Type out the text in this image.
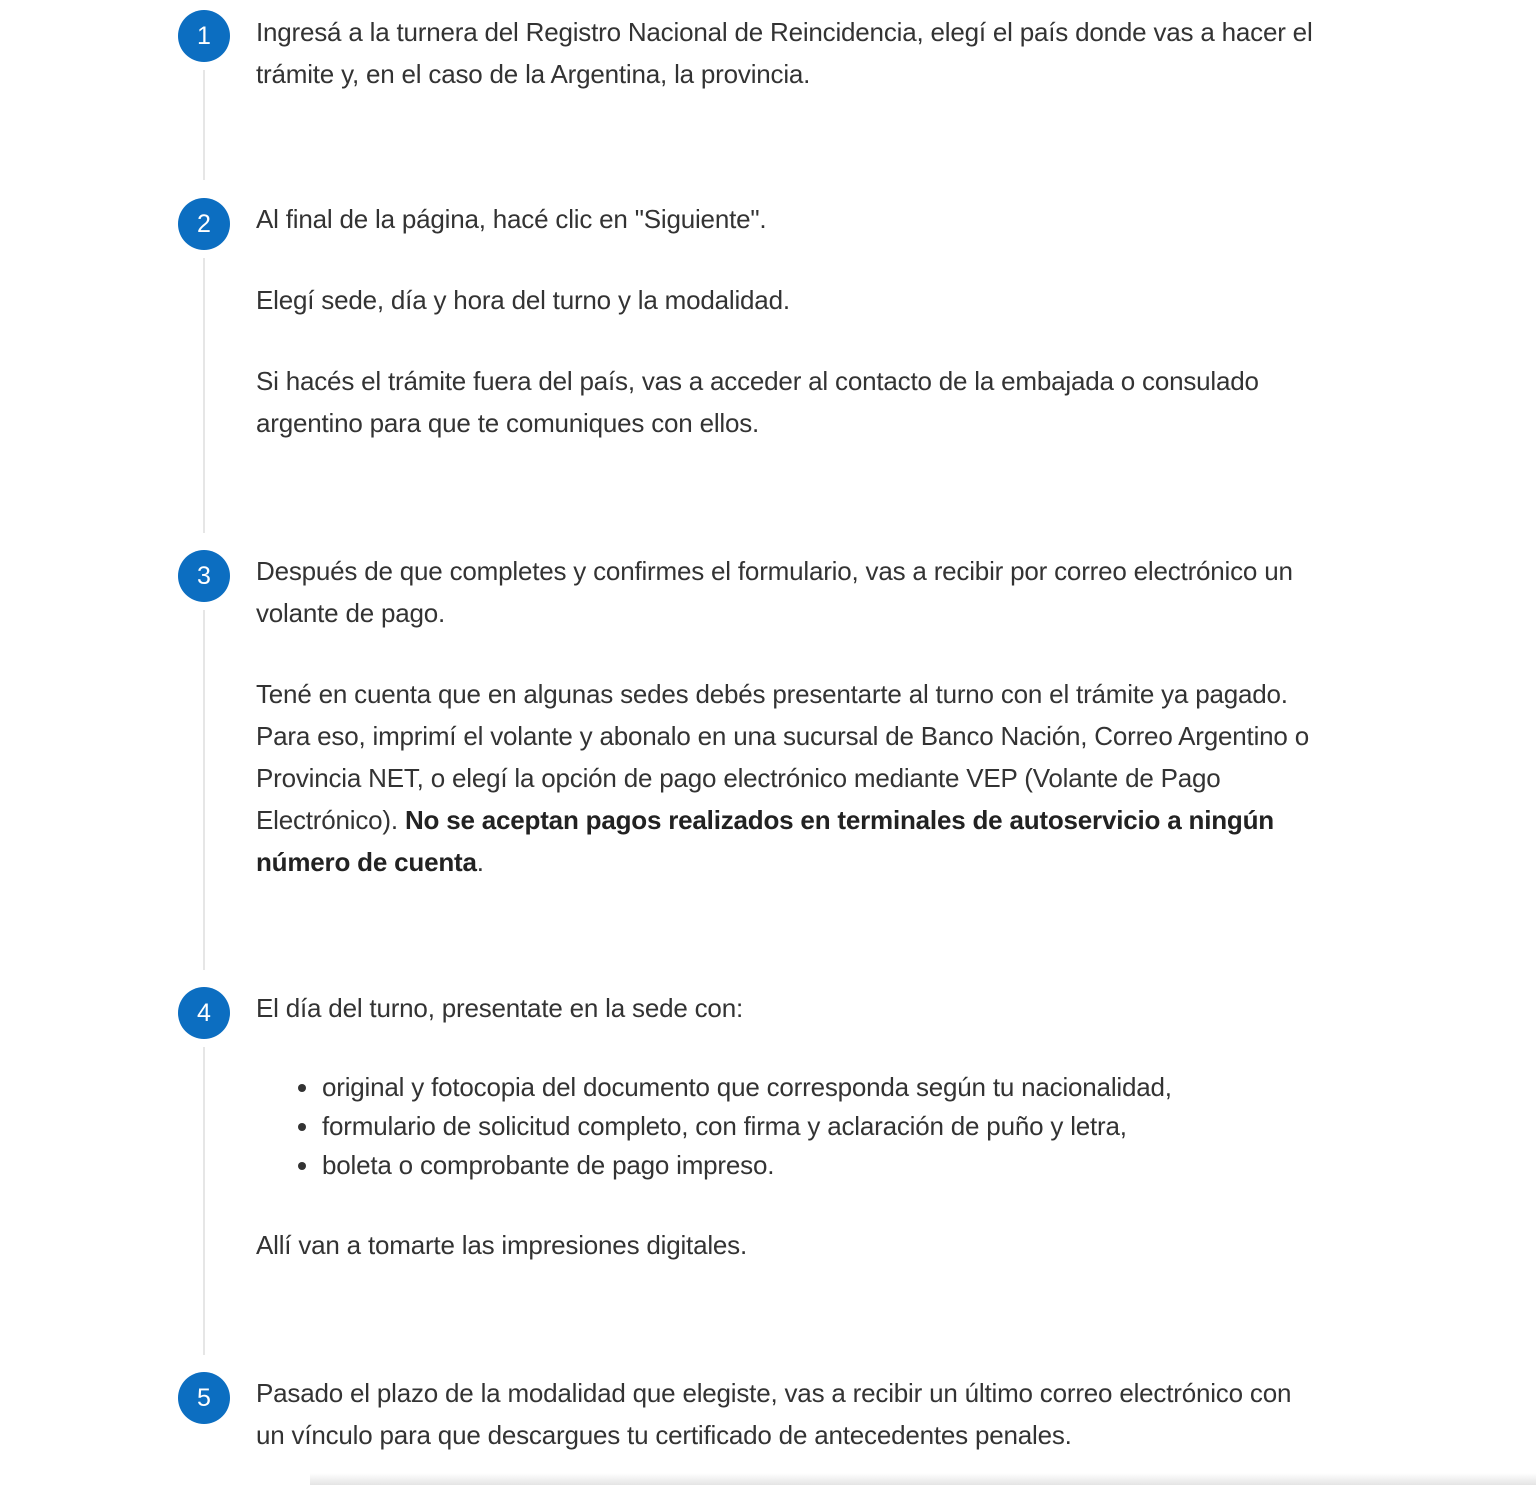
1	Ingresá a la turnera del Registro Nacional de Reincidencia, elegí el país donde vas a hacer el trámite y, en el caso de la Argentina, la provincia.

2	Al final de la página, hacé clic en "Siguiente".

Elegí sede, día y hora del turno y la modalidad.

Si hacés el trámite fuera del país, vas a acceder al contacto de la embajada o consulado argentino para que te comuniques con ellos.

3	Después de que completes y confirmes el formulario, vas a recibir por correo electrónico un volante de pago.

Tené en cuenta que en algunas sedes debés presentarte al turno con el trámite ya pagado. Para eso, imprimí el volante y abonalo en una sucursal de Banco Nación, Correo Argentino o Provincia NET, o elegí la opción de pago electrónico mediante VEP (Volante de Pago Electrónico). No se aceptan pagos realizados en terminales de autoservicio a ningún número de cuenta.

4	El día del turno, presentate en la sede con:

original y fotocopia del documento que corresponda según tu nacionalidad,
formulario de solicitud completo, con firma y aclaración de puño y letra,
boleta o comprobante de pago impreso.

Allí van a tomarte las impresiones digitales.

5	Pasado el plazo de la modalidad que elegiste, vas a recibir un último correo electrónico con un vínculo para que descargues tu certificado de antecedentes penales.
